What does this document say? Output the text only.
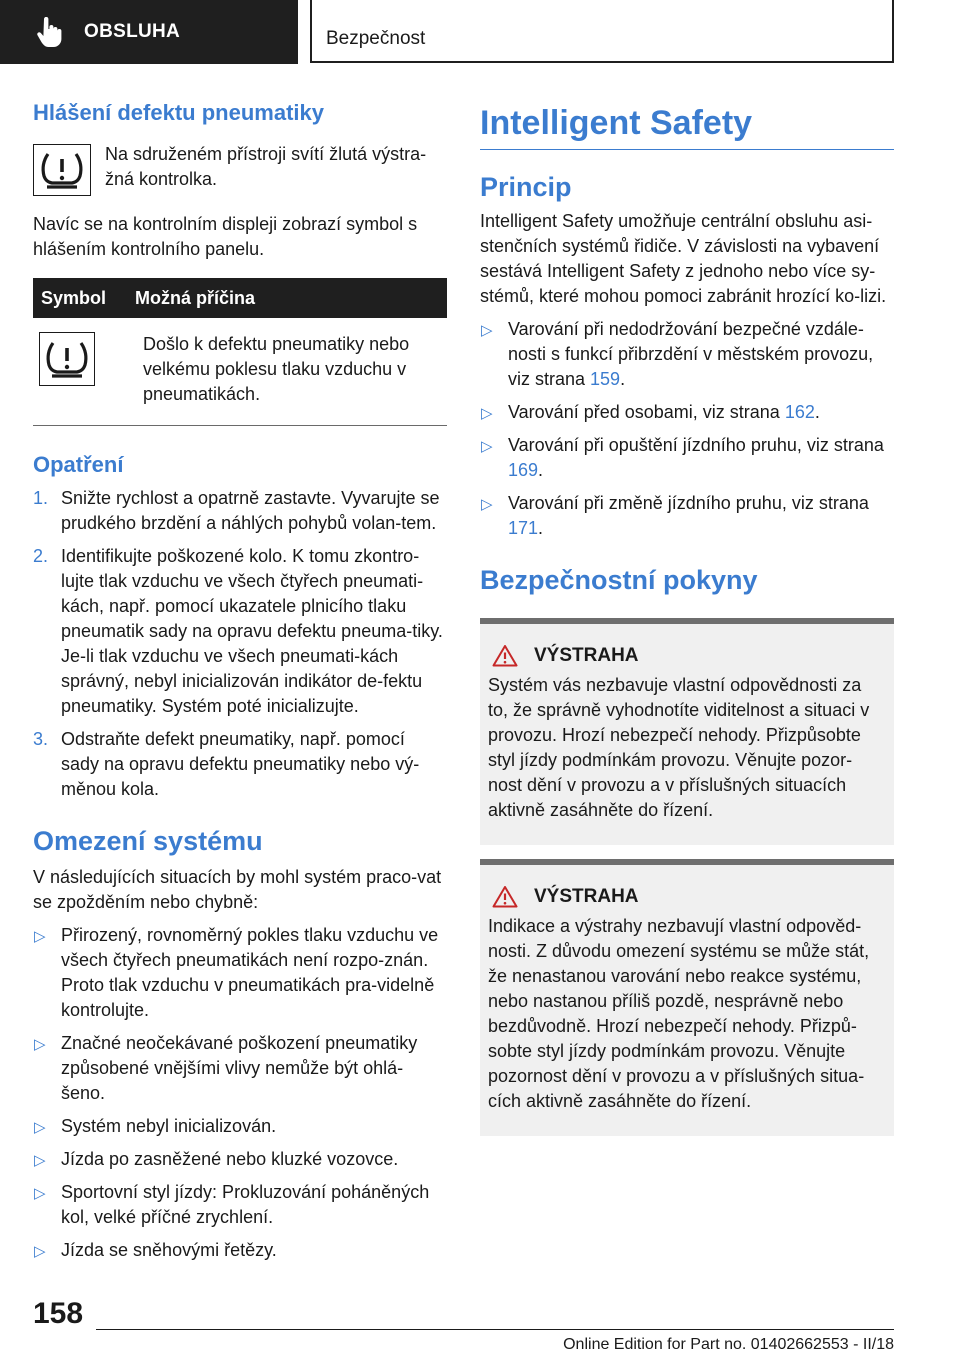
OBSLUHA	Bezpečnost
Hlášení defektu pneumatiky

Na sdruženém přístroji svítí žlutá výstra-žná kontrolka.

Navíc se na kontrolním displeji zobrazí symbol s hlášením kontrolního panelu.

Symbol	Možná příčina

Došlo k defektu pneumatiky nebo velkému poklesu tlaku vzduchu v pneumatikách.

Opatření
1. Snižte rychlost a opatrně zastavte. Vyvarujte se prudkého brzdění a náhlých pohybů volan-tem.
2. Identifikujte poškozené kolo. K tomu zkontro-lujte tlak vzduchu ve všech čtyřech pneumati-kách, např. pomocí ukazatele plnicího tlaku pneumatik sady na opravu defektu pneuma-tiky. Je-li tlak vzduchu ve všech pneumati-kách správný, nebyl inicializován indikátor de-fektu pneumatiky. Systém poté inicializujte.
3. Odstraňte defekt pneumatiky, např. pomocí sady na opravu defektu pneumatiky nebo vý-měnou kola.
Omezení systému

V následujících situacích by mohl systém praco-vat se zpožděním nebo chybně:

▷ Přirozený, rovnoměrný pokles tlaku vzduchu ve všech čtyřech pneumatikách není rozpo-znán. Proto tlak vzduchu v pneumatikách pra-videlně kontrolujte.
▷ Značné neočekávané poškození pneumatiky způsobené vnějšími vlivy nemůže být ohlá-šeno.
▷ Systém nebyl inicializován.
▷ Jízda po zasněžené nebo kluzké vozovce.
▷ Sportovní styl jízdy: Prokluzování poháněných kol, velké příčné zrychlení.
▷ Jízda se sněhovými řetězy.
Intelligent Safety
Princip

Intelligent Safety umožňuje centrální obsluhu asi-stenčních systémů řidiče. V závislosti na vybavení sestává Intelligent Safety z jednoho nebo více sy-stémů, které mohou pomoci zabránit hrozící ko-lizi.

▷ Varování při nedodržování bezpečné vzdále-nosti s funkcí přibrzdění v městském provozu, viz strana 159.
▷ Varování před osobami, viz strana 162.
▷ Varování při opuštění jízdního pruhu, viz strana 169.
▷ Varování při změně jízdního pruhu, viz strana 171.
Bezpečnostní pokyny
VÝSTRAHA

Systém vás nezbavuje vlastní odpovědnosti za to, že správně vyhodnotíte viditelnost a situaci v provozu. Hrozí nebezpečí nehody. Přizpůsobte styl jízdy podmínkám provozu. Věnujte pozor-nost dění v provozu a v příslušných situacích aktivně zasáhněte do řízení.

VÝSTRAHA

Indikace a výstrahy nezbavují vlastní odpověd-nosti. Z důvodu omezení systému se může stát, že nenastanou varování nebo reakce systému, nebo nastanou příliš pozdě, nesprávně nebo bezdůvodně. Hrozí nebezpečí nehody. Přizpů-sobte styl jízdy podmínkám provozu. Věnujte pozornost dění v provozu a v příslušných situa-cích aktivně zasáhněte do řízení.

158
Online Edition for Part no. 01402662553 - II/18
